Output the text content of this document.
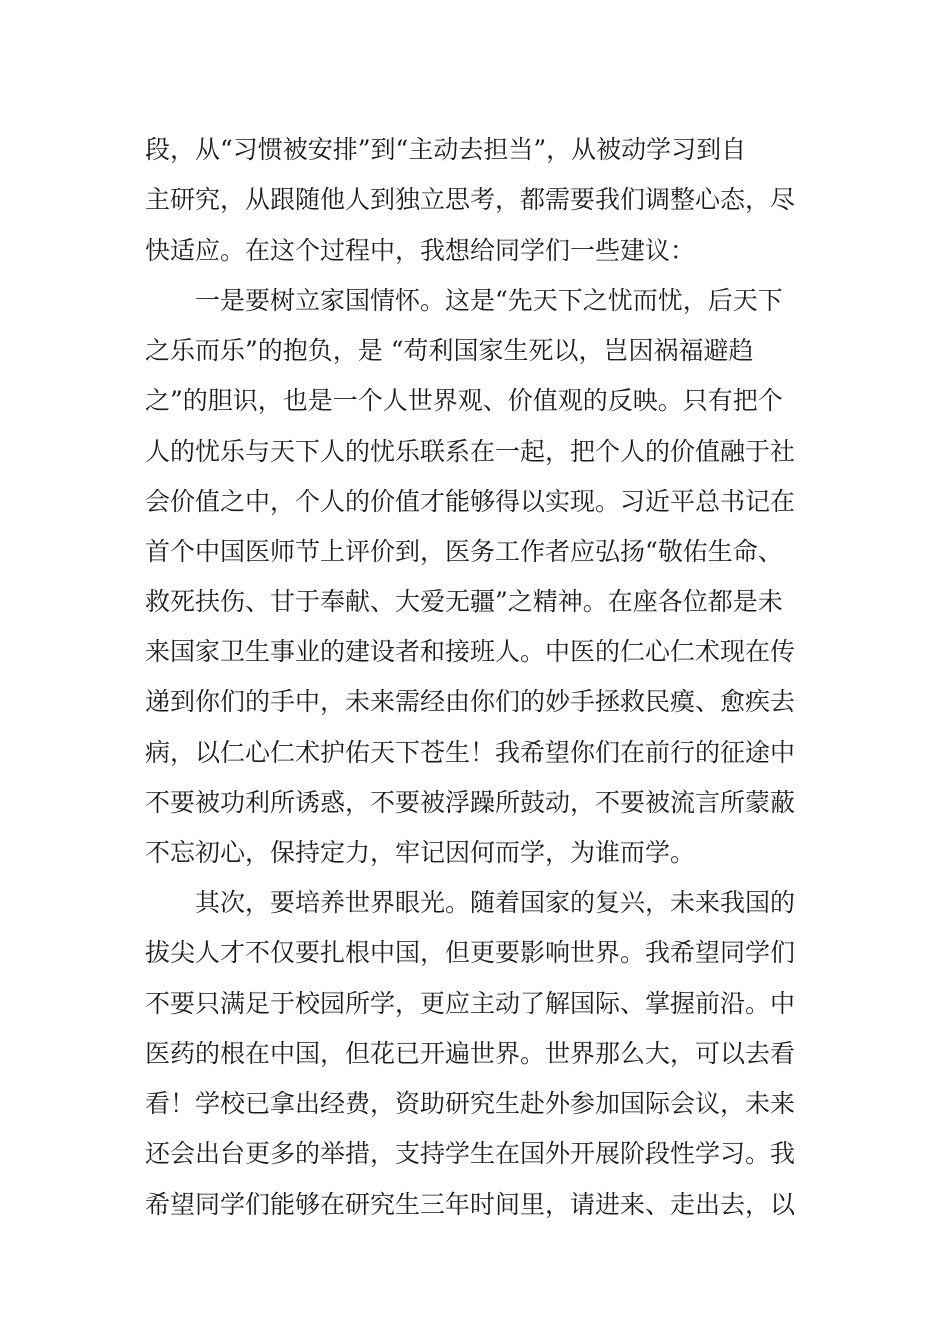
段，从“习惯被安排”到“主动去担当”，从被动学习到自
主研究，从跟随他人到独立思考，都需要我们调整心态，尽
快适应。在这个过程中，我想给同学们一些建议：
一是要树立家国情怀。这是“先天下之忧而忧，后天下
之乐而乐”的抱负，是 “苟利国家生死以，岂因祸福避趋
之”的胆识，也是一个人世界观、价值观的反映。只有把个
人的忧乐与天下人的忧乐联系在一起，把个人的价值融于社
会价值之中，个人的价值才能够得以实现。习近平总书记在
首个中国医师节上评价到，医务工作者应弘扬“敬佑生命、
救死扶伤、甘于奉献、大爱无疆”之精神。在座各位都是未
来国家卫生事业的建设者和接班人。中医的仁心仁术现在传
递到你们的手中，未来需经由你们的妙手拯救民瘼、愈疾去
病，以仁心仁术护佑天下苍生！我希望你们在前行的征途中
不要被功利所诱惑，不要被浮躁所鼓动，不要被流言所蒙蔽
不忘初心，保持定力，牢记因何而学，为谁而学。
其次，要培养世界眼光。随着国家的复兴，未来我国的
拔尖人才不仅要扎根中国，但更要影响世界。我希望同学们
不要只满足于校园所学，更应主动了解国际、掌握前沿。中
医药的根在中国，但花已开遍世界。世界那么大，可以去看
看！学校已拿出经费，资助研究生赴外参加国际会议，未来
还会出台更多的举措，支持学生在国外开展阶段性学习。我
希望同学们能够在研究生三年时间里，请进来、走出去，以
